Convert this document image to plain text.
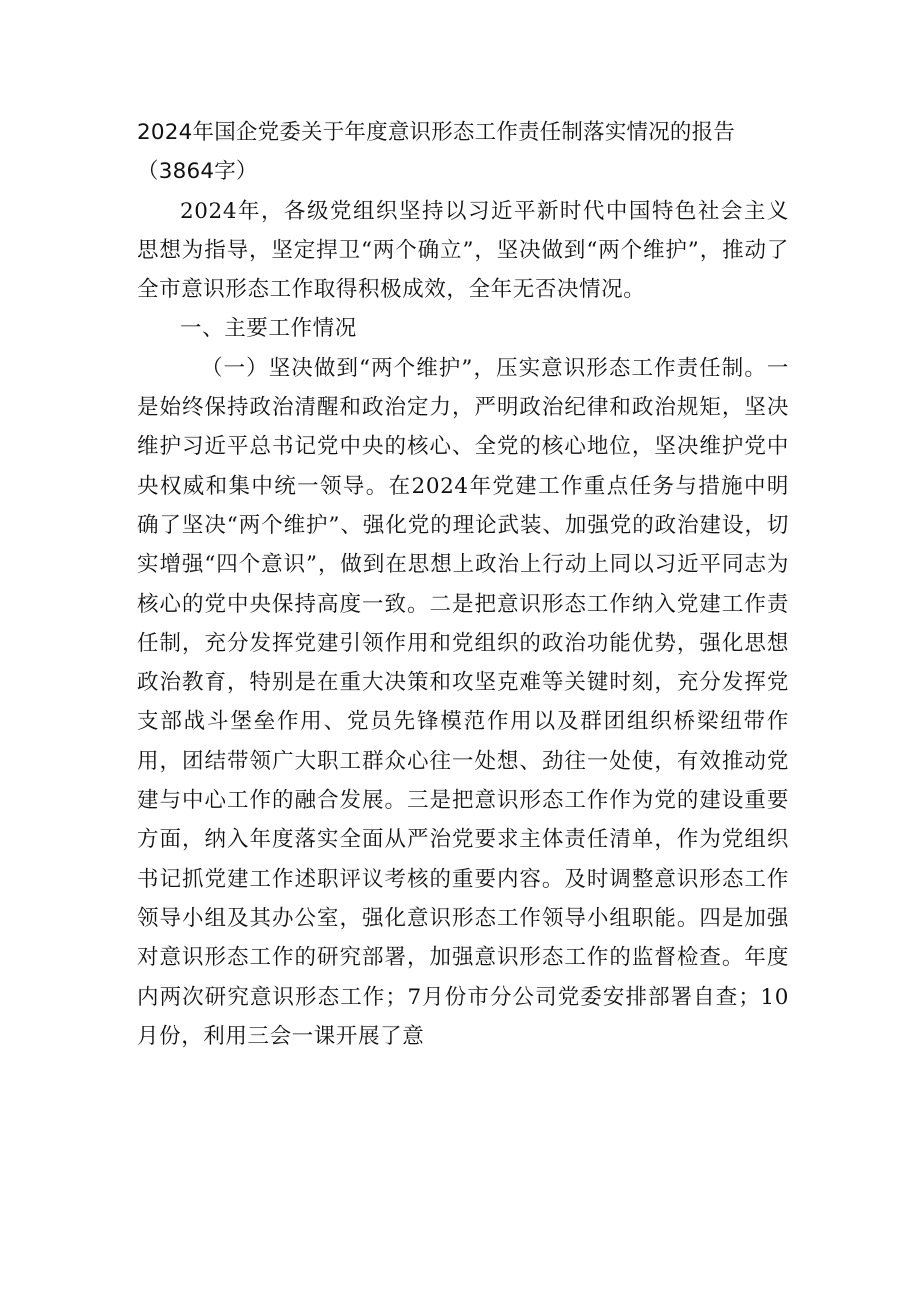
2024年国企党委关于年度意识形态工作责任制落实情况的报告（3864字）

2024年，各级党组织坚持以习近平新时代中国特色社会主义思想为指导，坚定捍卫“两个确立”，坚决做到“两个维护”，推动了全市意识形态工作取得积极成效，全年无否决情况。

一、主要工作情况

（一）坚决做到“两个维护”，压实意识形态工作责任制。一是始终保持政治清醒和政治定力，严明政治纪律和政治规矩，坚决维护习近平总书记党中央的核心、全党的核心地位，坚决维护党中央权威和集中统一领导。在2024年党建工作重点任务与措施中明确了坚决“两个维护”、强化党的理论武装、加强党的政治建设，切实增强“四个意识”，做到在思想上政治上行动上同以习近平同志为核心的党中央保持高度一致。二是把意识形态工作纳入党建工作责任制，充分发挥党建引领作用和党组织的政治功能优势，强化思想政治教育，特别是在重大决策和攻坚克难等关键时刻，充分发挥党支部战斗堡垒作用、党员先锋模范作用以及群团组织桥梁纽带作用，团结带领广大职工群众心往一处想、劲往一处使，有效推动党建与中心工作的融合发展。三是把意识形态工作作为党的建设重要方面，纳入年度落实全面从严治党要求主体责任清单，作为党组织书记抓党建工作述职评议考核的重要内容。及时调整意识形态工作领导小组及其办公室，强化意识形态工作领导小组职能。四是加强对意识形态工作的研究部署，加强意识形态工作的监督检查。年度内两次研究意识形态工作；7月份市分公司党委安排部署自查；10月份，利用三会一课开展了意
